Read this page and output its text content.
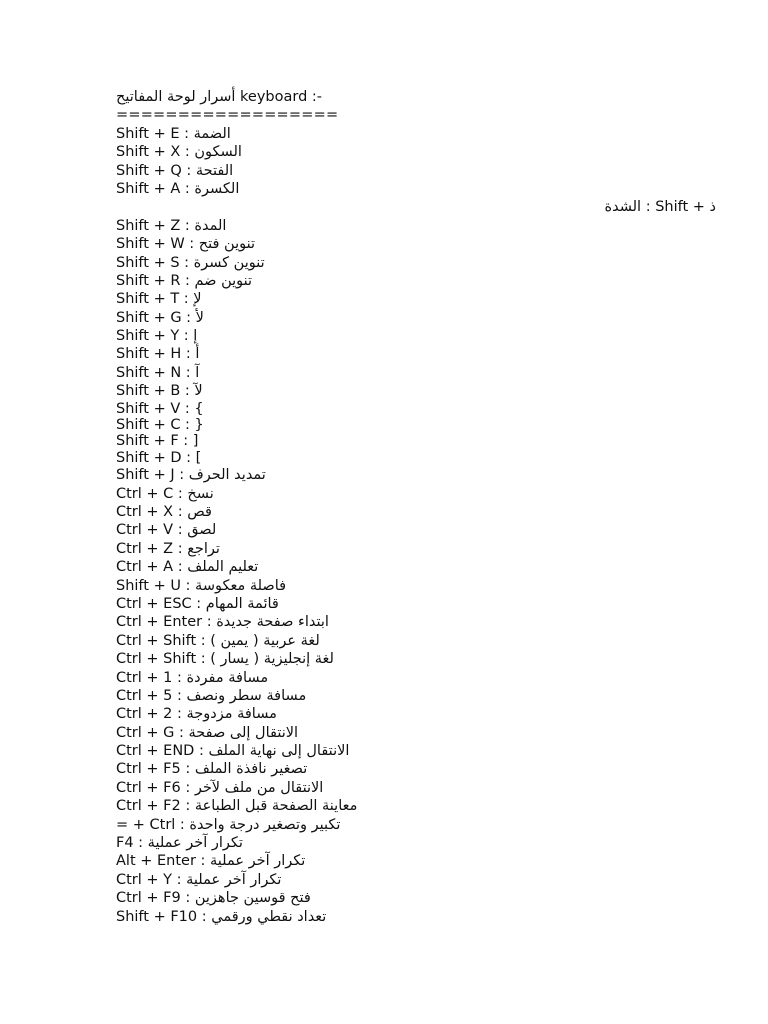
أسرار لوحة المفاتيح keyboard :-
==================
Shift + E : الضمة
Shift + X : السكون
Shift + Q : الفتحة
Shift + A : الكسرة
ذ + Shift : الشدة
Shift + Z : المدة
Shift + W : تنوين فتح
Shift + S : تنوين كسرة
Shift + R : تنوين ضم
Shift + T : لإ
Shift + G : لأ
Shift + Y : إ
Shift + H : أ
Shift + N : آ
Shift + B : لآ
Shift + V : {
Shift + C : }
Shift + F : ]
Shift + D : [
Shift + J : تمديد الحرف
Ctrl + C : نسخ
Ctrl + X : قص
Ctrl + V : لصق
Ctrl + Z : تراجع
Ctrl + A : تعليم الملف
Shift + U : فاصلة معكوسة
Ctrl + ESC : قائمة المهام
Ctrl + Enter : ابتداء صفحة جديدة
Ctrl + Shift : لغة عربية ( يمين )
Ctrl + Shift : لغة إنجليزية ( يسار )
Ctrl + 1 : مسافة مفردة
Ctrl + 5 : مسافة سطر ونصف
Ctrl + 2 : مسافة مزدوجة
Ctrl + G : الانتقال إلى صفحة
Ctrl + END : الانتقال إلى نهاية الملف
Ctrl + F5 : تصغير نافذة الملف
Ctrl + F6 : الانتقال من ملف لآخر
Ctrl + F2 : معاينة الصفحة قبل الطباعة
= + Ctrl : تكبير وتصغير درجة واحدة
F4 : تكرار آخر عملية
Alt + Enter : تكرار آخر عملية
Ctrl + Y : تكرار آخر عملية
Ctrl + F9 : فتح قوسين جاهزين
Shift + F10 : تعداد نقطي ورقمي
